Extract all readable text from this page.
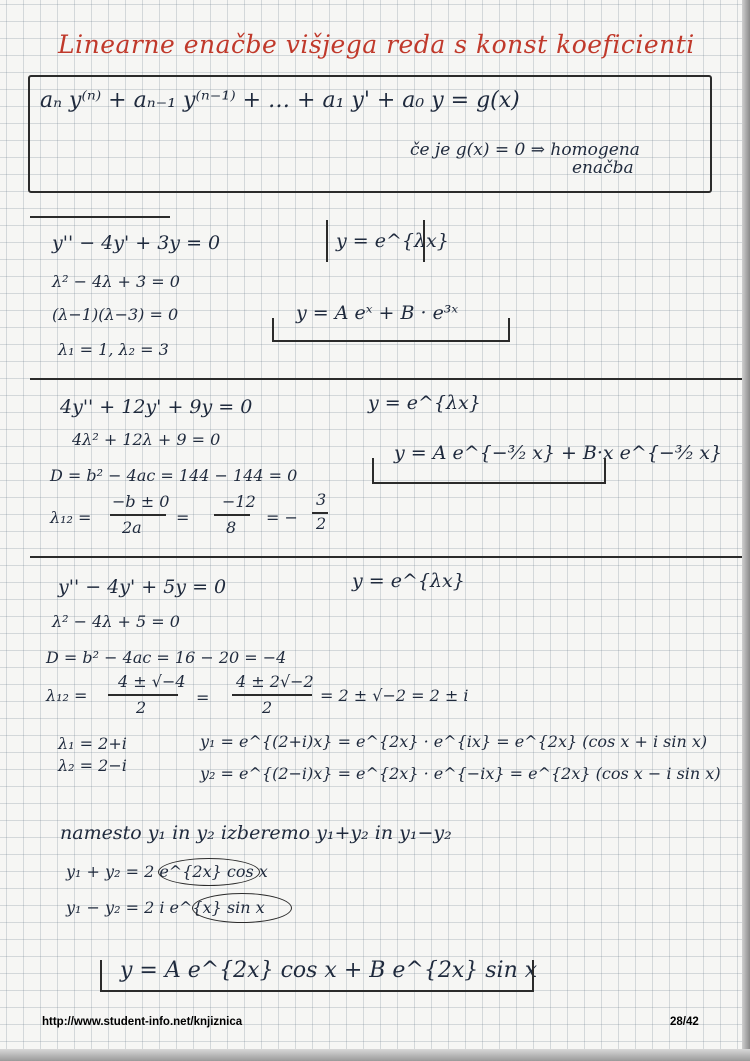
Linearne enačbe višjega reda s konst koeficienti
aₙ y⁽ⁿ⁾ + aₙ₋₁ y⁽ⁿ⁻¹⁾ + … + a₁ y' + a₀ y = g(x)
če je g(x) = 0 ⇒ homogena
enačba
y'' − 4y' + 3y = 0
λ² − 4λ + 3 = 0
(λ−1)(λ−3) = 0
λ₁ = 1, λ₂ = 3
y = e^{λx}
y = A eˣ + B · e³ˣ
4y'' + 12y' + 9y = 0
4λ² + 12λ + 9 = 0
D = b² − 4ac = 144 − 144 = 0
λ₁₂ =
−b ± 0
2a
=
−12
8
= −
3
2
y = e^{λx}
y = A e^{−³⁄₂ x} + B·x e^{−³⁄₂ x}
y'' − 4y' + 5y = 0	y = e^{λx}
λ² − 4λ + 5 = 0
D = b² − 4ac = 16 − 20 = −4
λ₁₂ =
4 ± √−4
2
=
4 ± 2√−2
2
= 2 ± √−2 = 2 ± i
λ₁ = 2+i
λ₂ = 2−i
y₁ = e^{(2+i)x} = e^{2x} · e^{ix} = e^{2x} (cos x + i sin x)
y₂ = e^{(2−i)x} = e^{2x} · e^{−ix} = e^{2x} (cos x − i sin x)
namesto y₁ in y₂ izberemo y₁+y₂ in y₁−y₂
y₁ + y₂ = 2 e^{2x} cos x
y₁ − y₂ = 2 i e^{x} sin x
y = A e^{2x} cos x + B e^{2x} sin x
http://www.student-info.net/knjiznica	28/42
